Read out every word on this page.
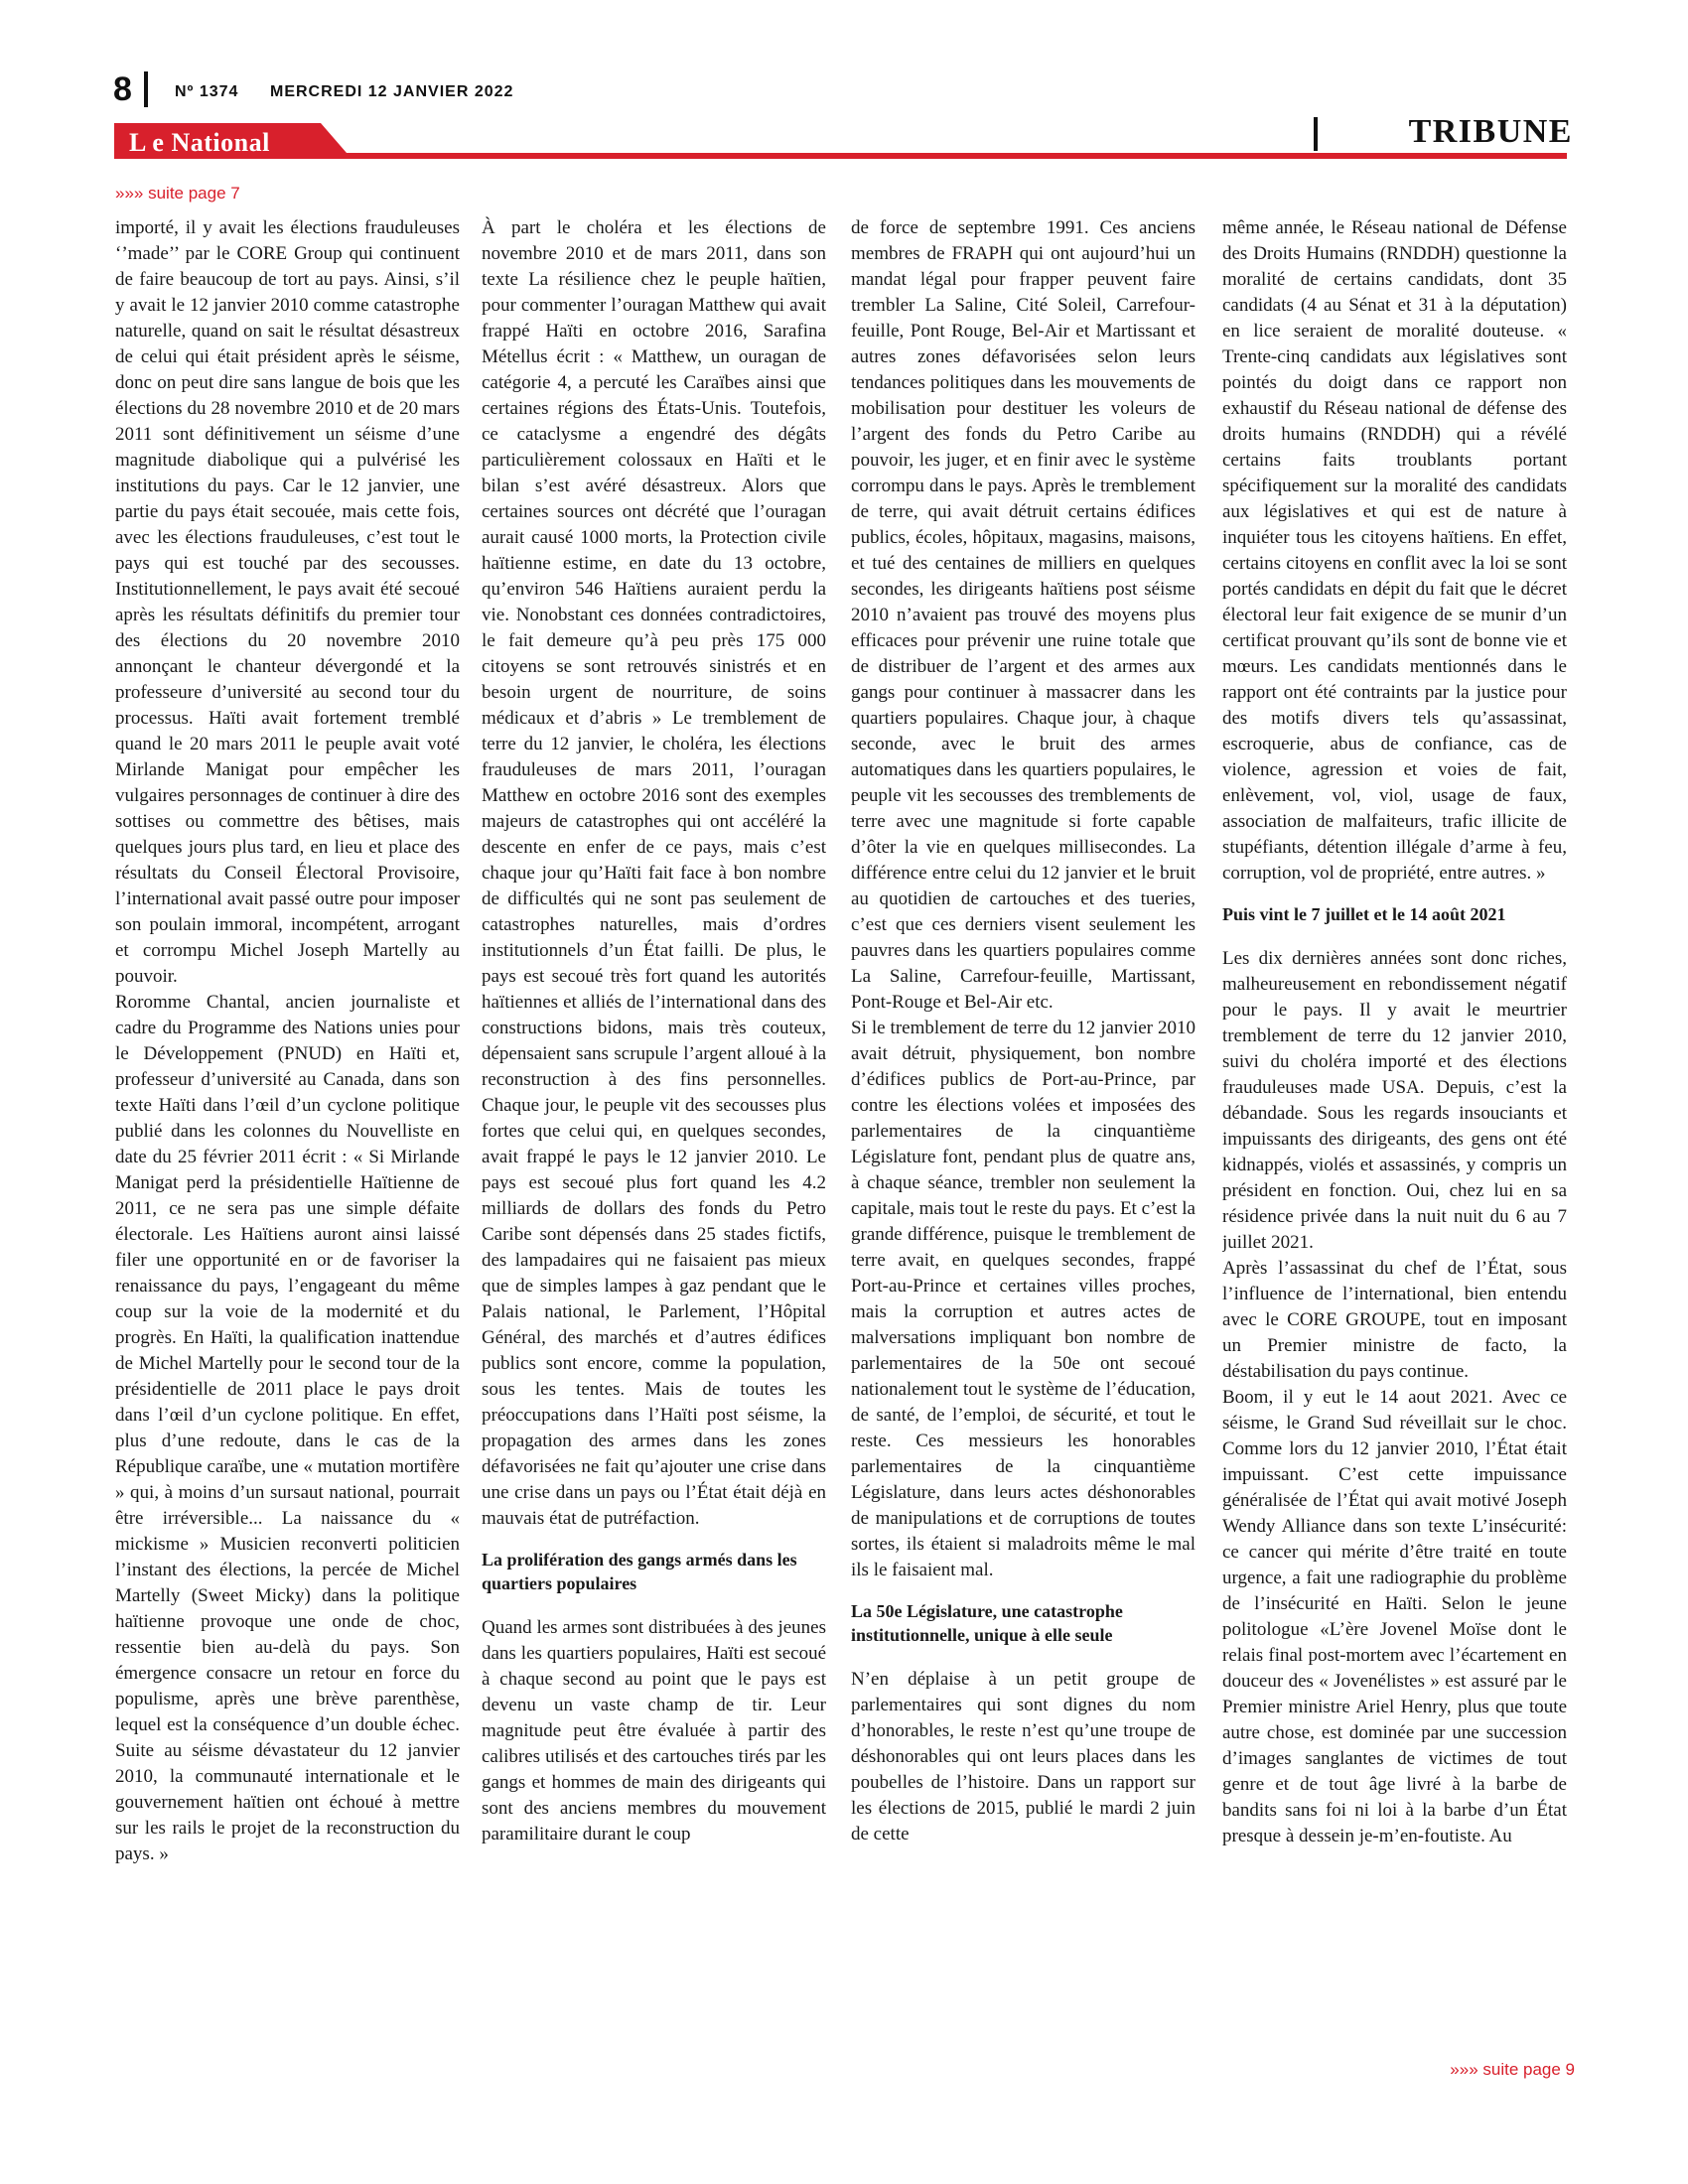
8	Nº 1374 MERCREDI 12 JANVIER 2022
L e National	TRIBUNE
»»» suite page 7

importé, il y avait les élections frauduleuses ‘’made’’ par le CORE Group qui continuent de faire beaucoup de tort au pays. Ainsi, s’il y avait le 12 janvier 2010 comme catastrophe naturelle, quand on sait le résultat désastreux de celui qui était président après le séisme, donc on peut dire sans langue de bois que les élections du 28 novembre 2010 et de 20 mars 2011 sont définitivement un séisme d’une magnitude diabolique qui a pulvérisé les institutions du pays. Car le 12 janvier, une partie du pays était secouée, mais cette fois, avec les élections frauduleuses, c’est tout le pays qui est touché par des secousses. Institutionnellement, le pays avait été secoué après les résultats définitifs du premier tour des élections du 20 novembre 2010 annonçant le chanteur dévergondé et la professeure d’université au second tour du processus. Haïti avait fortement tremblé quand le 20 mars 2011 le peuple avait voté Mirlande Manigat pour empêcher les vulgaires personnages de continuer à dire des sottises ou commettre des bêtises, mais quelques jours plus tard, en lieu et place des résultats du Conseil Électoral Provisoire, l’international avait passé outre pour imposer son poulain immoral, incompétent, arrogant et corrompu Michel Joseph Martelly au pouvoir.

Roromme Chantal, ancien journaliste et cadre du Programme des Nations unies pour le Développement (PNUD) en Haïti et, professeur d’université au Canada, dans son texte Haïti dans l’œil d’un cyclone politique publié dans les colonnes du Nouvelliste en date du 25 février 2011 écrit : « Si Mirlande Manigat perd la présidentielle Haïtienne de 2011, ce ne sera pas une simple défaite électorale. Les Haïtiens auront ainsi laissé filer une opportunité en or de favoriser la renaissance du pays, l’engageant du même coup sur la voie de la modernité et du progrès. En Haïti, la qualification inattendue de Michel Martelly pour le second tour de la présidentielle de 2011 place le pays droit dans l’œil d’un cyclone politique. En effet, plus d’une redoute, dans le cas de la République caraïbe, une « mutation mortifère » qui, à moins d’un sursaut national, pourrait être irréversible... La naissance du « mickisme » Musicien reconverti politicien l’instant des élections, la percée de Michel Martelly (Sweet Micky) dans la politique haïtienne provoque une onde de choc, ressentie bien au-delà du pays. Son émergence consacre un retour en force du populisme, après une brève parenthèse, lequel est la conséquence d’un double échec. Suite au séisme dévastateur du 12 janvier 2010, la communauté internationale et le gouvernement haïtien ont échoué à mettre sur les rails le projet de la reconstruction du pays. »

À part le choléra et les élections de novembre 2010 et de mars 2011, dans son texte La résilience chez le peuple haïtien, pour commenter l’ouragan Matthew qui avait frappé Haïti en octobre 2016, Sarafina Métellus écrit : « Matthew, un ouragan de catégorie 4, a percuté les Caraïbes ainsi que certaines régions des États-Unis. Toutefois, ce cataclysme a engendré des dégâts particulièrement colossaux en Haïti et le bilan s’est avéré désastreux. Alors que certaines sources ont décrété que l’ouragan aurait causé 1000 morts, la Protection civile haïtienne estime, en date du 13 octobre, qu’environ 546 Haïtiens auraient perdu la vie. Nonobstant ces données contradictoires, le fait demeure qu’à peu près 175 000 citoyens se sont retrouvés sinistrés et en besoin urgent de nourriture, de soins médicaux et d’abris » Le tremblement de terre du 12 janvier, le choléra, les élections frauduleuses de mars 2011, l’ouragan Matthew en octobre 2016 sont des exemples majeurs de catastrophes qui ont accéléré la descente en enfer de ce pays, mais c’est chaque jour qu’Haïti fait face à bon nombre de difficultés qui ne sont pas seulement de catastrophes naturelles, mais d’ordres institutionnels d’un État failli. De plus, le pays est secoué très fort quand les autorités haïtiennes et alliés de l’international dans des constructions bidons, mais très couteux, dépensaient sans scrupule l’argent alloué à la reconstruction à des fins personnelles. Chaque jour, le peuple vit des secousses plus fortes que celui qui, en quelques secondes, avait frappé le pays le 12 janvier 2010. Le pays est secoué plus fort quand les 4.2 milliards de dollars des fonds du Petro Caribe sont dépensés dans 25 stades fictifs, des lampadaires qui ne faisaient pas mieux que de simples lampes à gaz pendant que le Palais national, le Parlement, l’Hôpital Général, des marchés et d’autres édifices publics sont encore, comme la population, sous les tentes. Mais de toutes les préoccupations dans l’Haïti post séisme, la propagation des armes dans les zones défavorisées ne fait qu’ajouter une crise dans une crise dans un pays ou l’État était déjà en mauvais état de putréfaction.

La prolifération des gangs armés dans les quartiers populaires

Quand les armes sont distribuées à des jeunes dans les quartiers populaires, Haïti est secoué à chaque second au point que le pays est devenu un vaste champ de tir. Leur magnitude peut être évaluée à partir des calibres utilisés et des cartouches tirés par les gangs et hommes de main des dirigeants qui sont des anciens membres du mouvement paramilitaire durant le coup

de force de septembre 1991. Ces anciens membres de FRAPH qui ont aujourd’hui un mandat légal pour frapper peuvent faire trembler La Saline, Cité Soleil, Carrefour-feuille, Pont Rouge, Bel-Air et Martissant et autres zones défavorisées selon leurs tendances politiques dans les mouvements de mobilisation pour destituer les voleurs de l’argent des fonds du Petro Caribe au pouvoir, les juger, et en finir avec le système corrompu dans le pays. Après le tremblement de terre, qui avait détruit certains édifices publics, écoles, hôpitaux, magasins, maisons, et tué des centaines de milliers en quelques secondes, les dirigeants haïtiens post séisme 2010 n’avaient pas trouvé des moyens plus efficaces pour prévenir une ruine totale que de distribuer de l’argent et des armes aux gangs pour continuer à massacrer dans les quartiers populaires. Chaque jour, à chaque seconde, avec le bruit des armes automatiques dans les quartiers populaires, le peuple vit les secousses des tremblements de terre avec une magnitude si forte capable d’ôter la vie en quelques millisecondes. La différence entre celui du 12 janvier et le bruit au quotidien de cartouches et des tueries, c’est que ces derniers visent seulement les pauvres dans les quartiers populaires comme La Saline, Carrefour-feuille, Martissant, Pont-Rouge et Bel-Air etc.

Si le tremblement de terre du 12 janvier 2010 avait détruit, physiquement, bon nombre d’édifices publics de Port-au-Prince, par contre les élections volées et imposées des parlementaires de la cinquantième Législature font, pendant plus de quatre ans, à chaque séance, trembler non seulement la capitale, mais tout le reste du pays. Et c’est la grande différence, puisque le tremblement de terre avait, en quelques secondes, frappé Port-au-Prince et certaines villes proches, mais la corruption et autres actes de malversations impliquant bon nombre de parlementaires de la 50e ont secoué nationalement tout le système de l’éducation, de santé, de l’emploi, de sécurité, et tout le reste. Ces messieurs les honorables parlementaires de la cinquantième Législature, dans leurs actes déshonorables de manipulations et de corruptions de toutes sortes, ils étaient si maladroits même le mal ils le faisaient mal.

La 50e Législature, une catastrophe institutionnelle, unique à elle seule

N’en déplaise à un petit groupe de parlementaires qui sont dignes du nom d’honorables, le reste n’est qu’une troupe de déshonorables qui ont leurs places dans les poubelles de l’histoire. Dans un rapport sur les élections de 2015, publié le mardi 2 juin de cette

même année, le Réseau national de Défense des Droits Humains (RNDDH) questionne la moralité de certains candidats, dont 35 candidats (4 au Sénat et 31 à la députation) en lice seraient de moralité douteuse. « Trente-cinq candidats aux législatives sont pointés du doigt dans ce rapport non exhaustif du Réseau national de défense des droits humains (RNDDH) qui a révélé certains faits troublants portant spécifiquement sur la moralité des candidats aux législatives et qui est de nature à inquiéter tous les citoyens haïtiens. En effet, certains citoyens en conflit avec la loi se sont portés candidats en dépit du fait que le décret électoral leur fait exigence de se munir d’un certificat prouvant qu’ils sont de bonne vie et mœurs. Les candidats mentionnés dans le rapport ont été contraints par la justice pour des motifs divers tels qu’assassinat, escroquerie, abus de confiance, cas de violence, agression et voies de fait, enlèvement, vol, viol, usage de faux, association de malfaiteurs, trafic illicite de stupéfiants, détention illégale d’arme à feu, corruption, vol de propriété, entre autres. »

Puis vint le 7 juillet et le 14 août 2021

Les dix dernières années sont donc riches, malheureusement en rebondissement négatif pour le pays. Il y avait le meurtrier tremblement de terre du 12 janvier 2010, suivi du choléra importé et des élections frauduleuses made USA. Depuis, c’est la débandade. Sous les regards insouciants et impuissants des dirigeants, des gens ont été kidnappés, violés et assassinés, y compris un président en fonction. Oui, chez lui en sa résidence privée dans la nuit nuit du 6 au 7 juillet 2021.

Après l’assassinat du chef de l’État, sous l’influence de l’international, bien entendu avec le CORE GROUPE, tout en imposant un Premier ministre de facto, la déstabilisation du pays continue.

Boom, il y eut le 14 aout 2021. Avec ce séisme, le Grand Sud réveillait sur le choc. Comme lors du 12 janvier 2010, l’État était impuissant. C’est cette impuissance généralisée de l’État qui avait motivé Joseph Wendy Alliance dans son texte L’insécurité: ce cancer qui mérite d’être traité en toute urgence, a fait une radiographie du problème de l’insécurité en Haïti. Selon le jeune politologue «L’ère Jovenel Moïse dont le relais final post-mortem avec l’écartement en douceur des « Jovenélistes » est assuré par le Premier ministre Ariel Henry, plus que toute autre chose, est dominée par une succession d’images sanglantes de victimes de tout genre et de tout âge livré à la barbe de bandits sans foi ni loi à la barbe d’un État presque à dessein je-m’en-foutiste. Au

»»» suite page 9
